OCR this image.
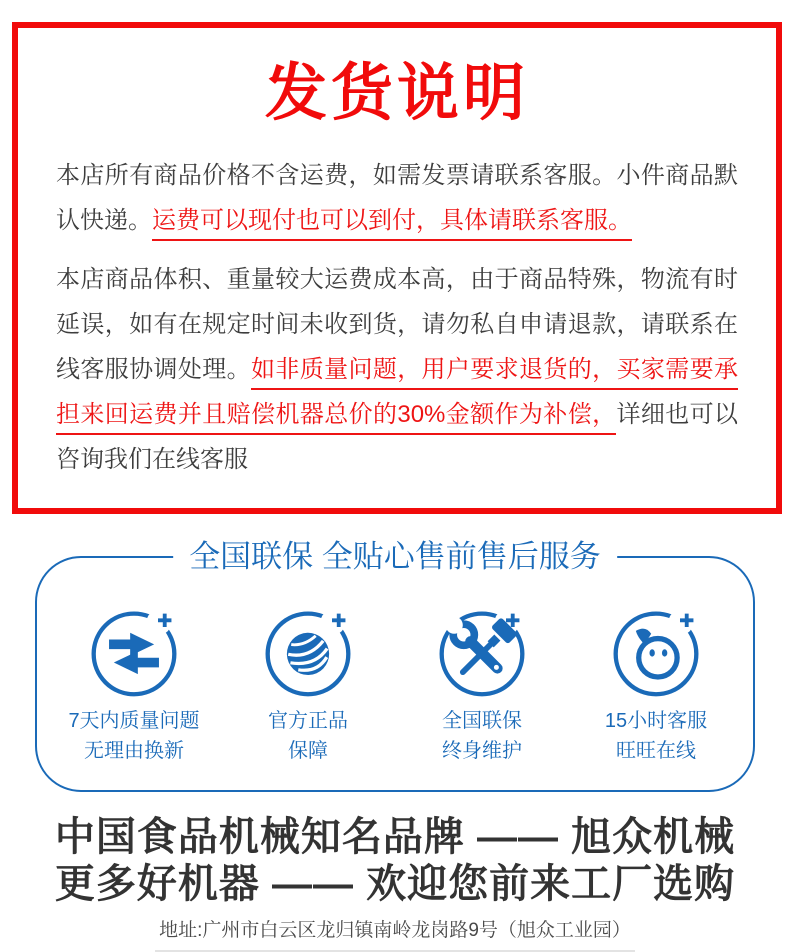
发货说明

本店所有商品价格不含运费，如需发票请联系客服。小件商品默认快递。运费可以现付也可以到付，具体请联系客服。

本店商品体积、重量较大运费成本高，由于商品特殊，物流有时延误，如有在规定时间未收到货，请勿私自申请退款，请联系在线客服协调处理。如非质量问题，用户要求退货的，买家需要承担来回运费并且赔偿机器总价的30%金额作为补偿，详细也可以咨询我们在线客服

全国联保 全贴心售前售后服务
7天内质量问题
无理由换新
官方正品
保障
全国联保
终身维护
15小时客服
旺旺在线
中国食品机械知名品牌 —— 旭众机械
更多好机器 —— 欢迎您前来工厂选购
地址:广州市白云区龙归镇南岭龙岗路9号（旭众工业园）
